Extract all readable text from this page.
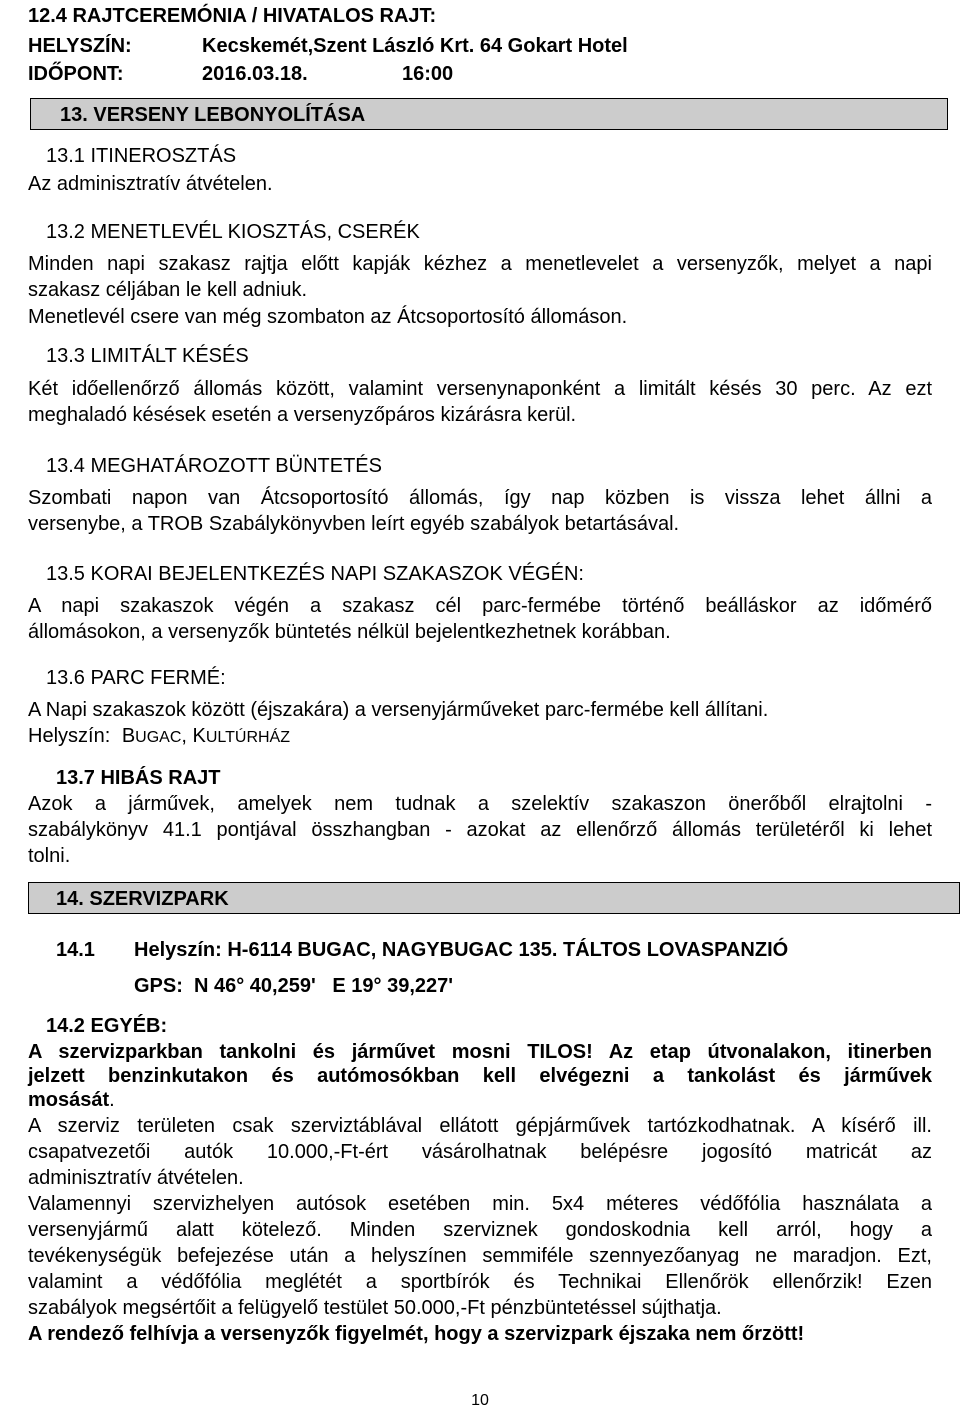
12.4 RAJTCEREMÓNIA / HIVATALOS RAJT:
HELYSZÍN:	Kecskemét,Szent László Krt. 64 Gokart Hotel
IDŐPONT:	2016.03.18.	16:00
13. VERSENY LEBONYOLÍTÁSA
13.1 ITINEROSZTÁS
Az adminisztratív átvételen.
13.2 MENETLEVÉL KIOSZTÁS, CSERÉK
Minden napi szakasz rajtja előtt kapják kézhez a menetlevelet a versenyzők, melyet a napi
szakasz céljában le kell adniuk.
Menetlevél csere van még szombaton az Átcsoportosító állomáson.
13.3 LIMITÁLT KÉSÉS
Két időellenőrző állomás között, valamint versenynaponként a limitált késés 30 perc. Az ezt
meghaladó késések esetén a versenyzőpáros kizárásra kerül.
13.4 MEGHATÁROZOTT BÜNTETÉS
Szombati napon van Átcsoportosító állomás, így nap közben is vissza lehet állni a
versenybe, a TROB Szabálykönyvben leírt egyéb szabályok betartásával.
13.5 KORAI BEJELENTKEZÉS NAPI SZAKASZOK VÉGÉN:
A napi szakaszok végén a szakasz cél parc-fermébe történő beálláskor az időmérő
állomásokon, a versenyzők büntetés nélkül bejelentkezhetnek korábban.
13.6 PARC FERMÉ:
A Napi szakaszok között (éjszakára) a versenyjárműveket parc-fermébe kell állítani.
Helyszín: BUGAC, KULTÚRHÁZ
13.7 HIBÁS RAJT
Azok a járművek, amelyek nem tudnak a szelektív szakaszon önerőből elrajtolni -
szabálykönyv 41.1 pontjával összhangban - azokat az ellenőrző állomás területéről ki lehet
tolni.
14. SZERVIZPARK
14.1 Helyszín: H-6114 BUGAC, NAGYBUGAC 135. TÁLTOS LOVASPANZIÓ
GPS:  N 46° 40,259'   E 19° 39,227'
14.2 EGYÉB:
A szervizparkban tankolni és járművet mosni TILOS! Az etap útvonalakon, itinerben
jelzett benzinkutakon és autómosókban kell elvégezni a tankolást és járművek
mosását.
A szerviz területen csak szerviztáblával ellátott gépjárművek tartózkodhatnak. A kísérő ill.
csapatvezetői autók 10.000,-Ft-ért vásárolhatnak belépésre jogosító matricát az
adminisztratív átvételen.
Valamennyi szervizhelyen autósok esetében min. 5x4 méteres védőfólia használata a
versenyjármű alatt kötelező. Minden szerviznek gondoskodnia kell arról, hogy a
tevékenységük befejezése után a helyszínen semmiféle szennyezőanyag ne maradjon. Ezt,
valamint a védőfólia meglétét a sportbírók és Technikai Ellenőrök ellenőrzik! Ezen
szabályok megsértőit a felügyelő testület 50.000,-Ft pénzbüntetéssel sújthatja.
A rendező felhívja a versenyzők figyelmét, hogy a szervizpark éjszaka nem őrzött!
10
